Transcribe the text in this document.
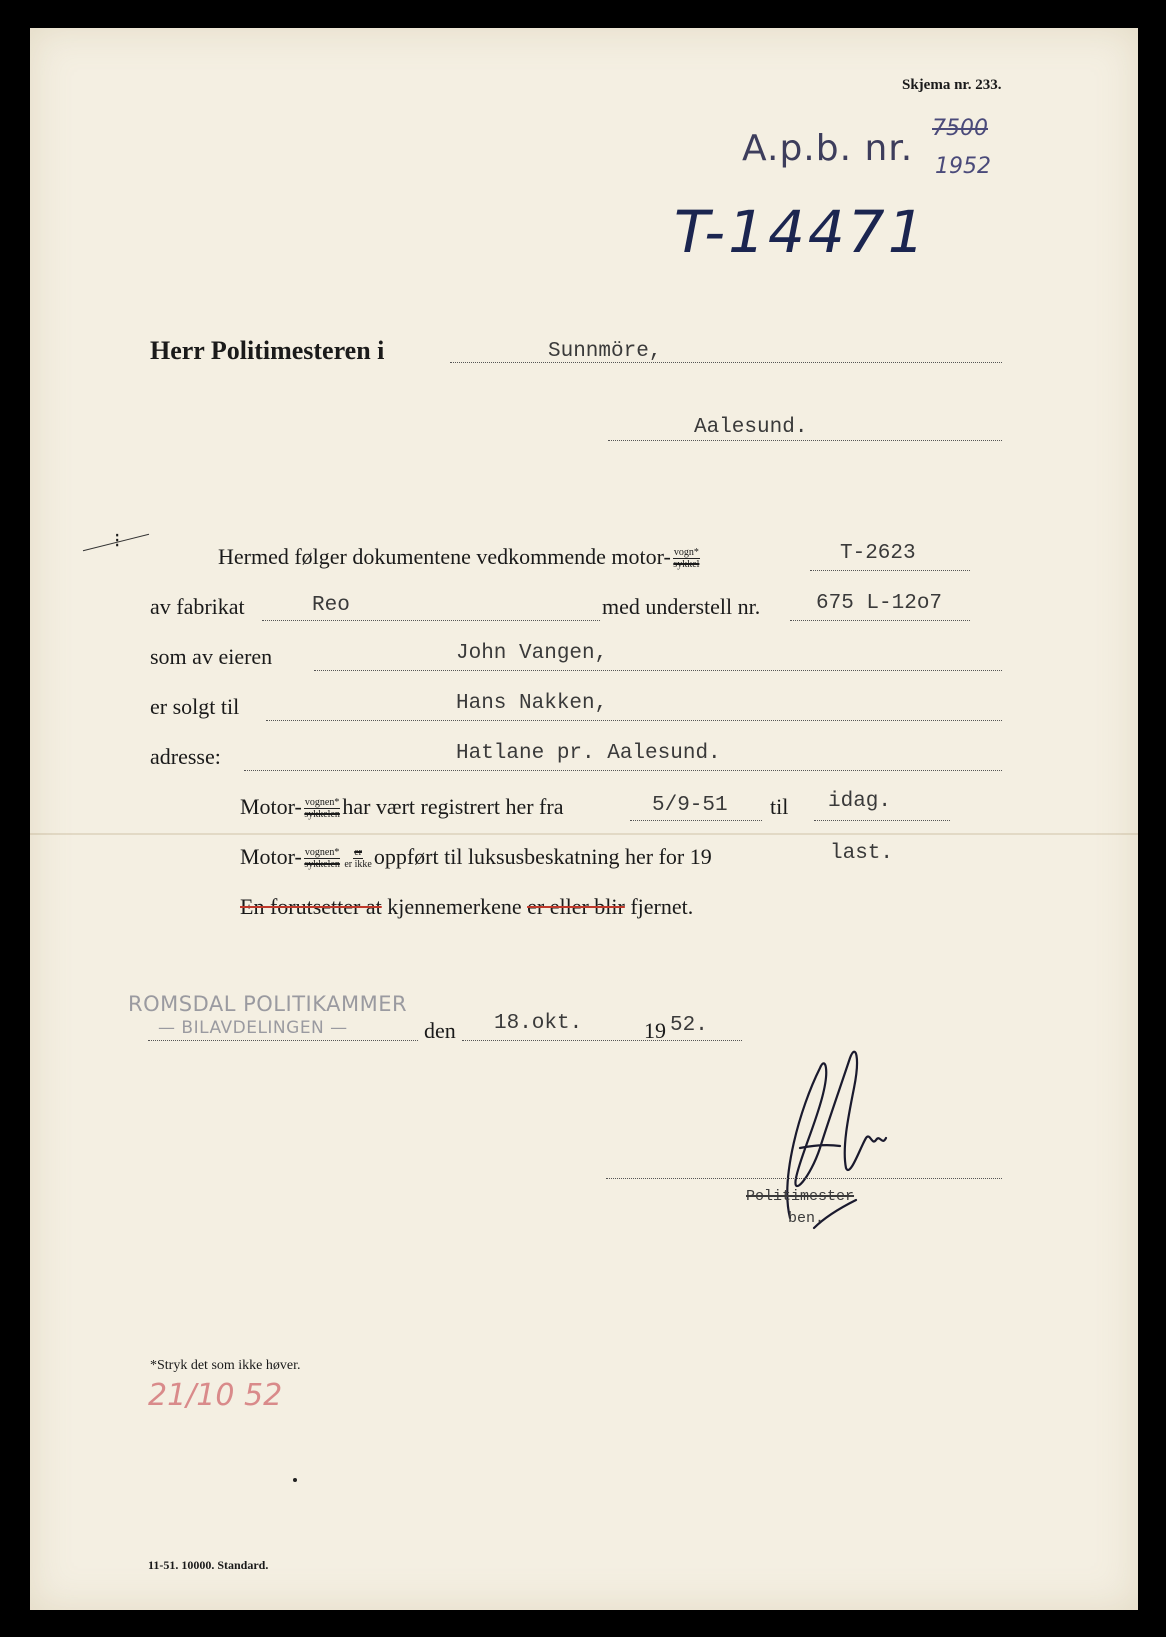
Skjema nr. 233.
A.p.b. nr. 7500
1952
T-14471
Herr Politimesteren i	Sunnmöre,
Aalesund.
⁝
Hermed følger dokumentene vedkommende motor- $\frac{\text{vogn*}}{\text{sykkel}}$	T-2623
av fabrikat	Reo	med understell nr.	675 L-12o7
som av eieren	John Vangen,
er solgt til	Hans Nakken,
adresse:	Hatlane pr. Aalesund.
Motor- $\frac{\text{vognen*}}{\text{sykkelen}}$ har vært registrert her fra	5/9-51 til idag.
Motor- $\frac{\text{vognen*}}{\text{sykkelen}} \frac{er}{\text{er ikke}}$ oppført til luksusbeskatning her for 19	last.
En forutsetter at kjennemerkene er eller blir fjernet.
ROMSDAL POLITIKAMMER
— BILAVDELINGEN —	den 18.okt.	19 52.
Politimester
ben.
*Stryk det som ikke høver.
21/10 52
11-51. 10000. Standard.
